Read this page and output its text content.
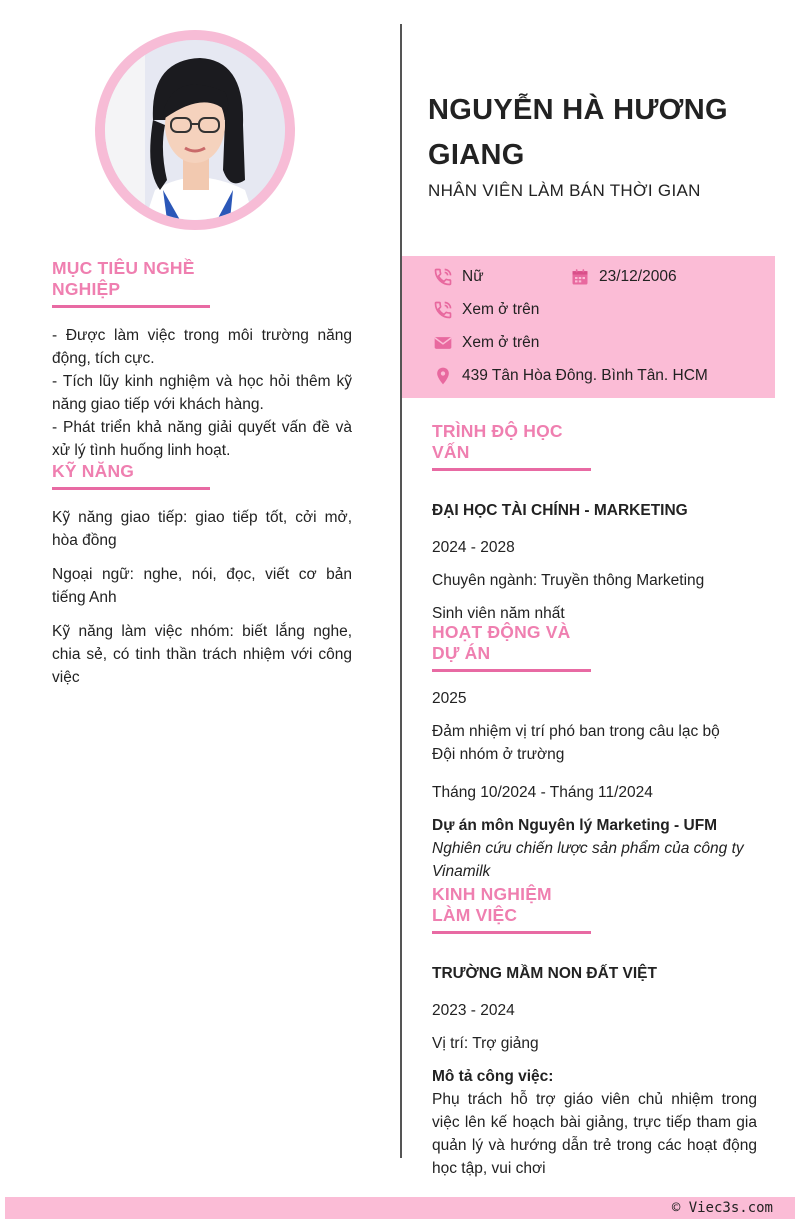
MỤC TIÊU NGHỀ NGHIỆP

- Được làm việc trong môi trường năng động, tích cực.

- Tích lũy kinh nghiệm và học hỏi thêm kỹ năng giao tiếp với khách hàng.

- Phát triển khả năng giải quyết vấn đề và xử lý tình huống linh hoạt.

KỸ NĂNG

Kỹ năng giao tiếp: giao tiếp tốt, cởi mở, hòa đồng

Ngoại ngữ: nghe, nói, đọc, viết cơ bản tiếng Anh

Kỹ năng làm việc nhóm: biết lắng nghe, chia sẻ, có tinh thần trách nhiệm với công việc

NGUYỄN HÀ HƯƠNG GIANG
NHÂN VIÊN LÀM BÁN THỜI GIAN
Nữ	23/12/2006
Xem ở trên
Xem ở trên
439 Tân Hòa Đông. Bình Tân. HCM
TRÌNH ĐỘ HỌC VẤN
ĐẠI HỌC TÀI CHÍNH - MARKETING
2024 - 2028
Chuyên ngành: Truyền thông Marketing
Sinh viên năm nhất
HOẠT ĐỘNG VÀ DỰ ÁN
2025
Đảm nhiệm vị trí phó ban trong câu lạc bộ Đội nhóm ở trường
Tháng 10/2024 - Tháng 11/2024
Dự án môn Nguyên lý Marketing - UFM
Nghiên cứu chiến lược sản phẩm của công ty Vinamilk
KINH NGHIỆM LÀM VIỆC
TRƯỜNG MẦM NON ĐẤT VIỆT
2023 - 2024
Vị trí: Trợ giảng
Mô tả công việc:
Phụ trách hỗ trợ giáo viên chủ nhiệm trong việc lên kế hoạch bài giảng, trực tiếp tham gia quản lý và hướng dẫn trẻ trong các hoạt động học tập, vui chơi
© Viec3s.com
